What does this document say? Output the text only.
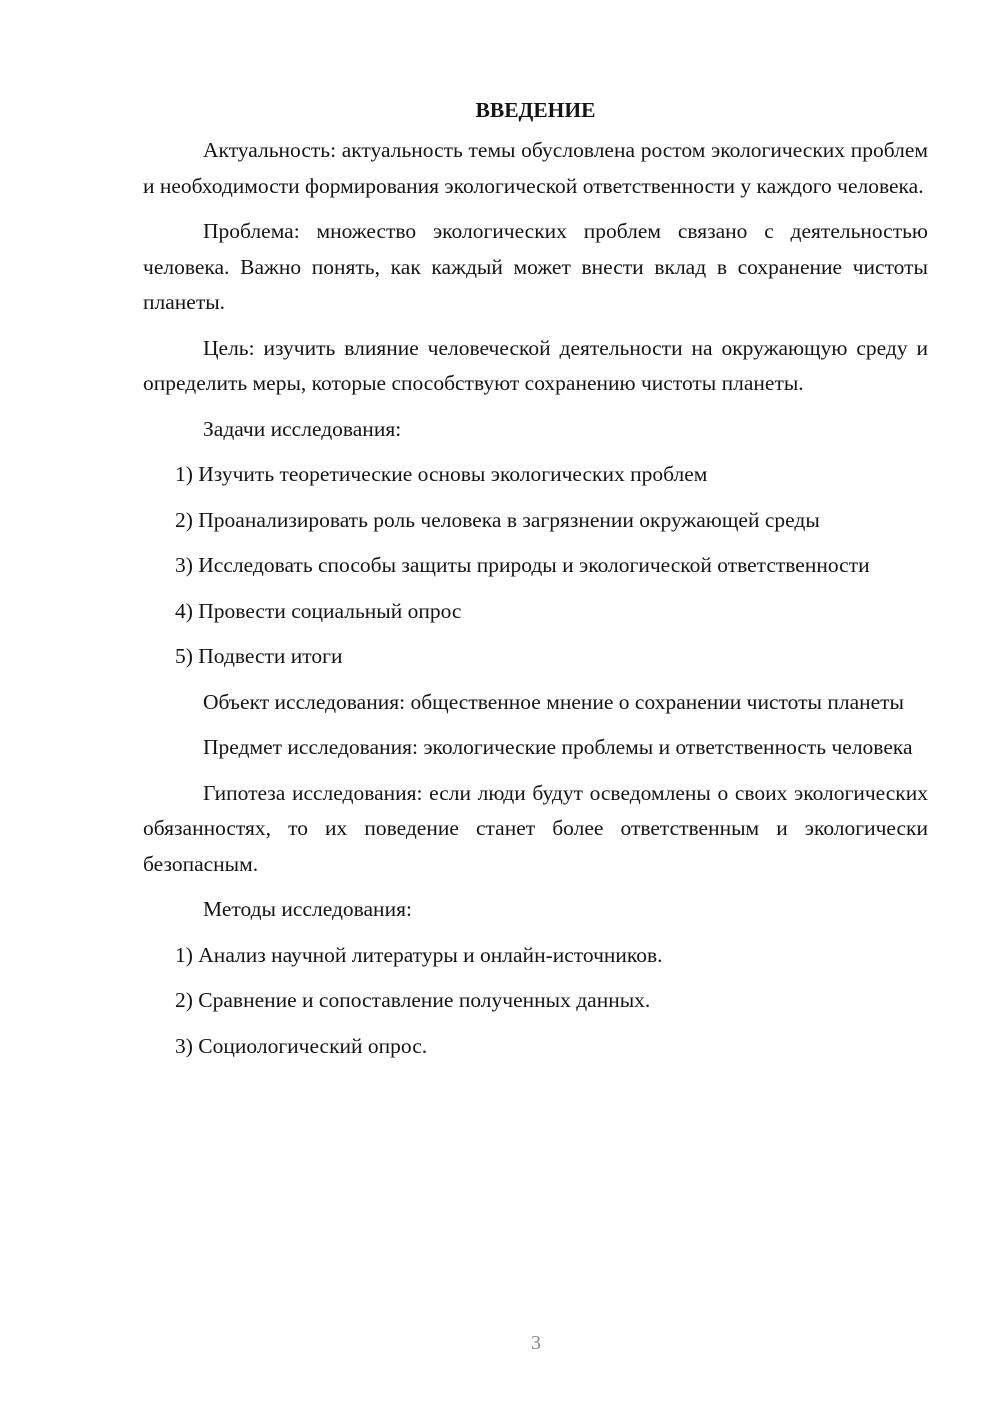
ВВЕДЕНИЕ

Актуальность: актуальность темы обусловлена ростом экологических проблем и необходимости формирования экологической ответственности у каждого человека.

Проблема: множество экологических проблем связано с деятельностью человека. Важно понять, как каждый может внести вклад в сохранение чистоты планеты.

Цель: изучить влияние человеческой деятельности на окружающую среду и определить меры, которые способствуют сохранению чистоты планеты.

Задачи исследования:

1) Изучить теоретические основы экологических проблем

2) Проанализировать роль человека в загрязнении окружающей среды

3) Исследовать способы защиты природы и экологической ответственности

4) Провести социальный опрос

5) Подвести итоги

Объект исследования: общественное мнение о сохранении чистоты планеты

Предмет исследования: экологические проблемы и ответственность человека

Гипотеза исследования: если люди будут осведомлены о своих экологических обязанностях, то их поведение станет более ответственным и экологически безопасным.

Методы исследования:

1) Анализ научной литературы и онлайн-источников.

2) Сравнение и сопоставление полученных данных.

3) Социологический опрос.

3
